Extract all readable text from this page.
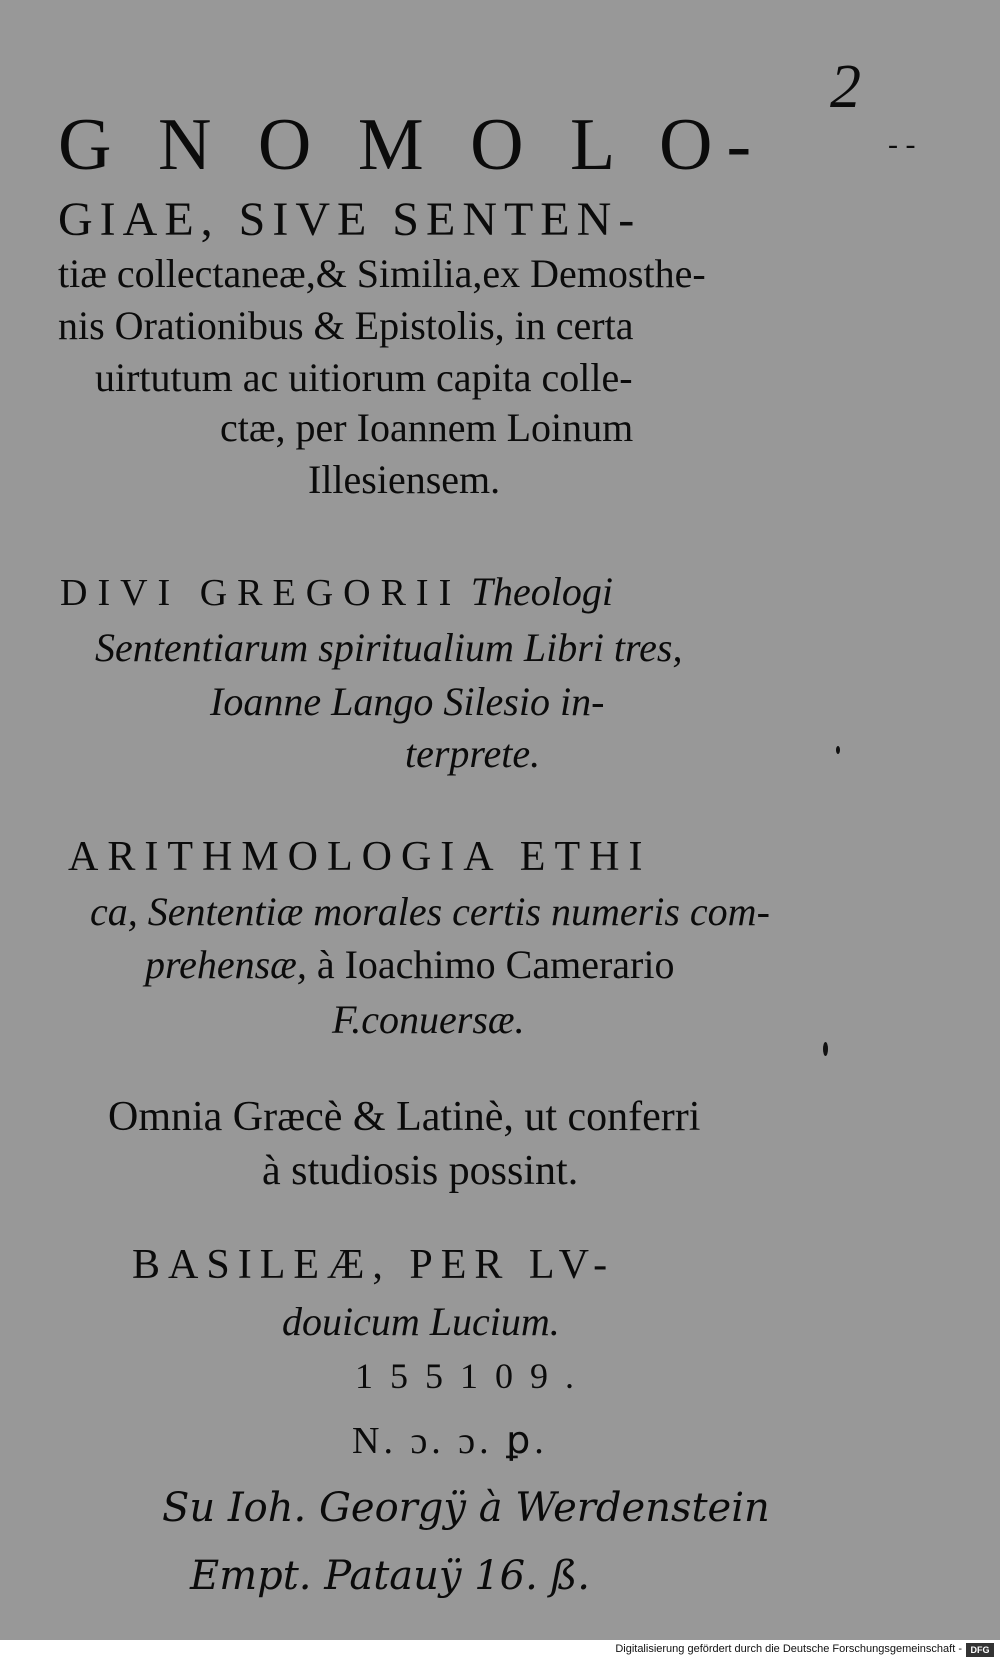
2
- -
G N O M O L O-
GIAE, SIVE SENTEN-
tiæ collectaneæ,& Similia,ex Demosthe-
nis Orationibus & Epistolis, in certa
uirtutum ac uitiorum capita colle-
ctæ, per Ioannem Loinum
Illesiensem.
DIVI GREGORII Theologi
Sententiarum spiritualium Libri tres,
Ioanne Lango Silesio in-
terprete.
ARITHMOLOGIA ETHI
ca, Sententiæ morales certis numeris com-
prehensæ, à Ioachimo Camerario
F.conuersæ.
Omnia Græcè & Latinè, ut conferri
à studiosis possint.
BASILEÆ, PER LV-
douicum Lucium.
1 5 5 1 0 9 .
N. ɔ. ɔ. ꝑ.
Su Ioh. Georgÿ à Werdenstein
Empt. Patauÿ 16. ß.
Digitalisierung gefördert durch die Deutsche Forschungsgemeinschaft - DFG
